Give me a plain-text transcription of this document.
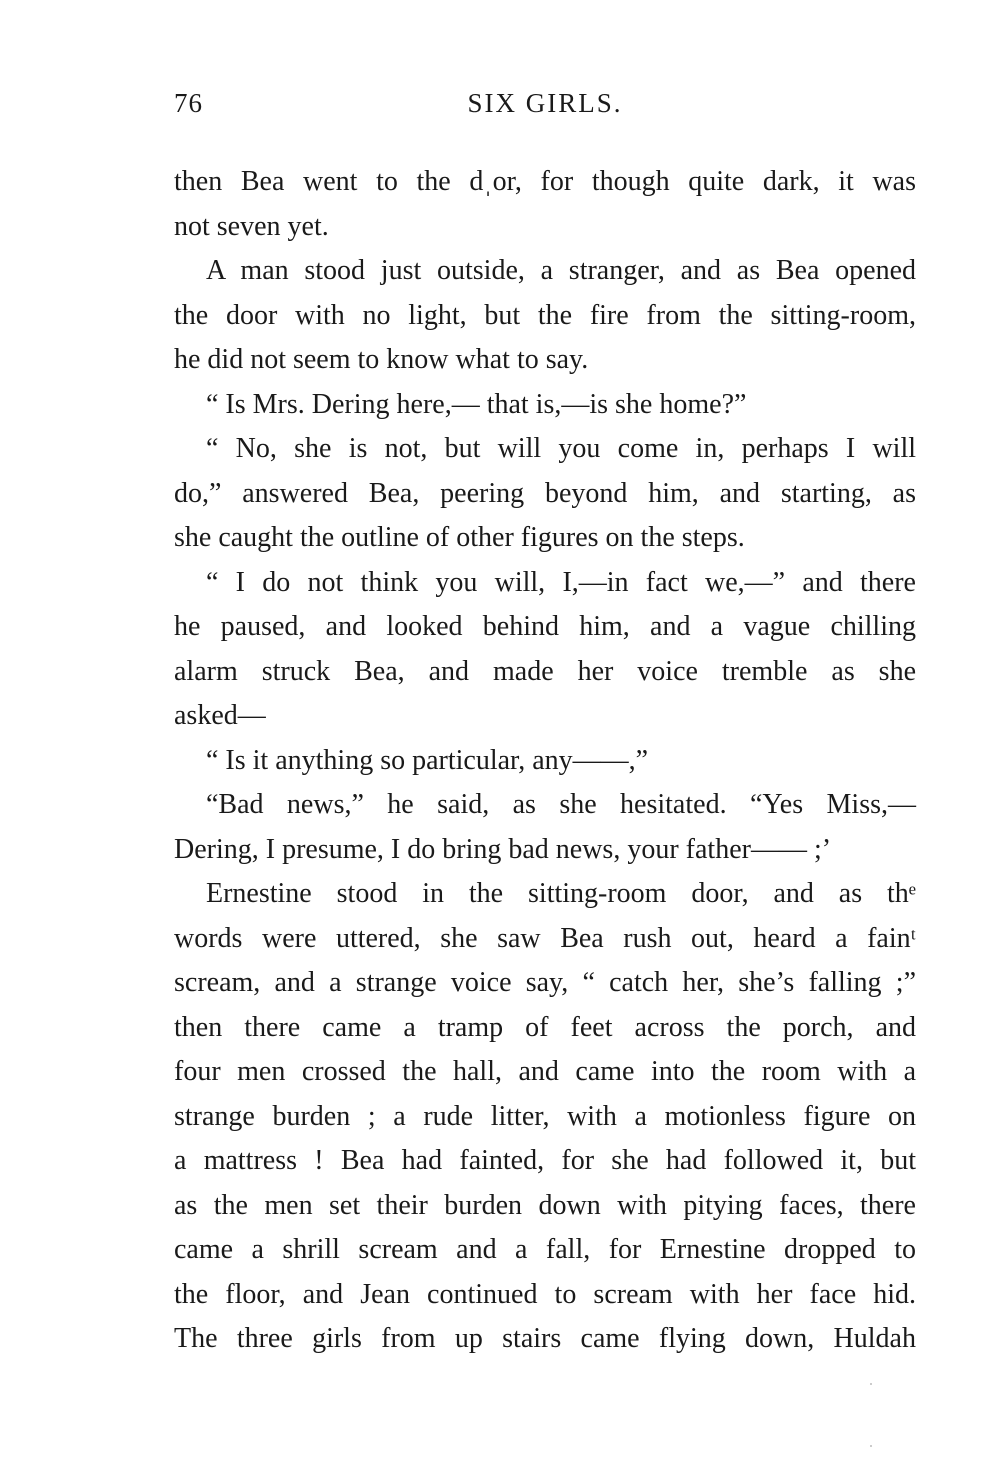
76	SIX GIRLS.
then Bea went to the dˌor, for though quite dark, it was
not seven yet.
A man stood just outside, a stranger, and as Bea opened
the door with no light, but the fire from the sitting-room,
he did not seem to know what to say.
“ Is Mrs. Dering here,— that is,—is she home?”
“ No, she is not, but will you come in, perhaps I will
do,” answered Bea, peering beyond him, and starting, as
she caught the outline of other figures on the steps.
“ I do not think you will, I,—in fact we,—” and there
he paused, and looked behind him, and a vague chilling
alarm struck Bea, and made her voice tremble as she
asked—
“ Is it anything so particular, any——,”
“Bad news,” he said, as she hesitated. “Yes Miss,—
Dering, I presume, I do bring bad news, your father—— ;’
Ernestine stood in the sitting-room door, and as thᵉ
words were uttered, she saw Bea rush out, heard a fainᵗ
scream, and a strange voice say, “ catch her, she’s falling ;”
then there came a tramp of feet across the porch, and
four men crossed the hall, and came into the room with a
strange burden ; a rude litter, with a motionless figure on
a mattress ! Bea had fainted, for she had followed it, but
as the men set their burden down with pitying faces, there
came a shrill scream and a fall, for Ernestine dropped to
the floor, and Jean continued to scream with her face hid.
The three girls from up stairs came flying down, Huldah
